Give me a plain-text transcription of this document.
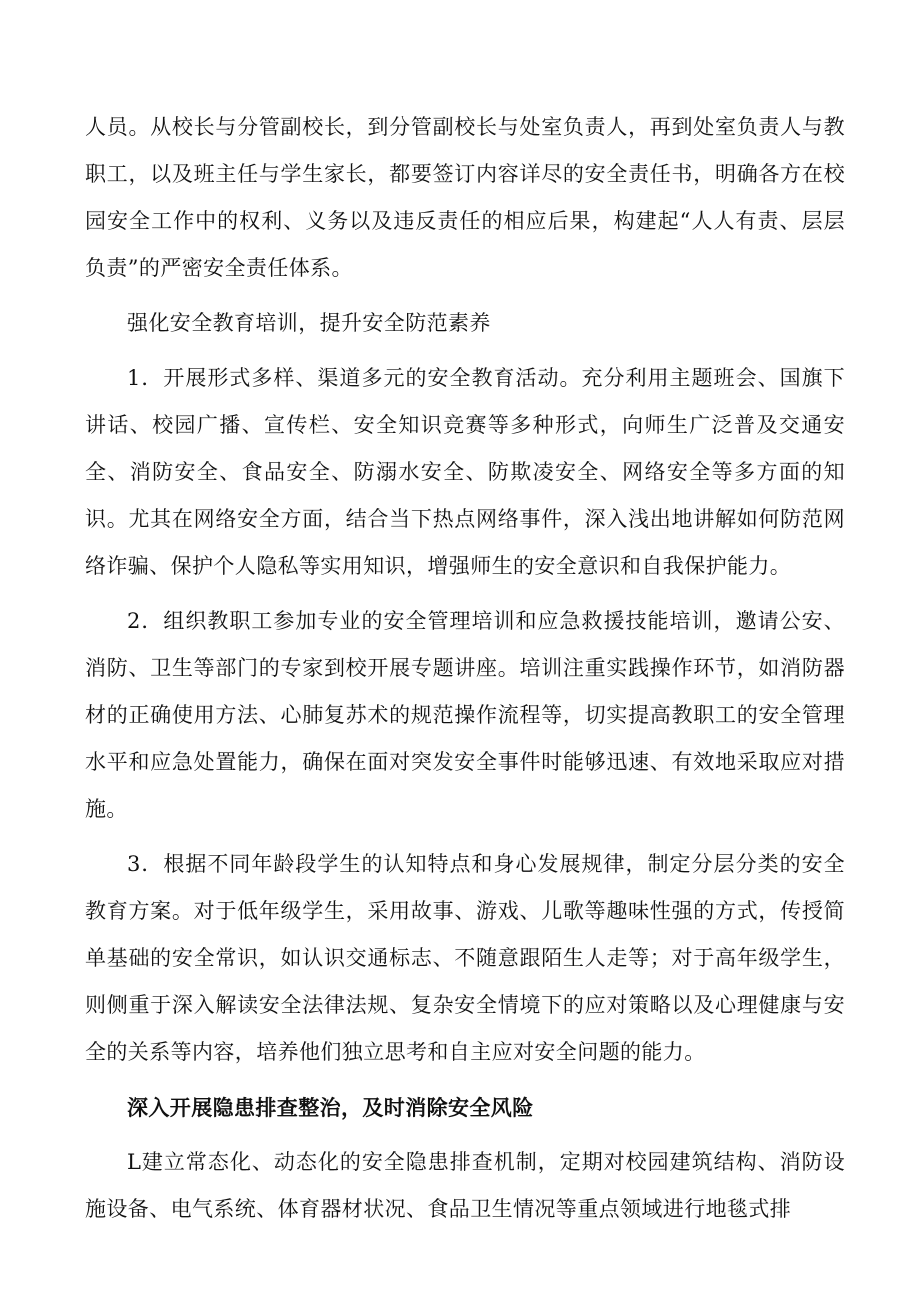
人员。从校长与分管副校长，到分管副校长与处室负责人，再到处室负责人与教职工，以及班主任与学生家长，都要签订内容详尽的安全责任书，明确各方在校园安全工作中的权利、义务以及违反责任的相应后果，构建起“人人有责、层层负责”的严密安全责任体系。

强化安全教育培训，提升安全防范素养

1．开展形式多样、渠道多元的安全教育活动。充分利用主题班会、国旗下讲话、校园广播、宣传栏、安全知识竞赛等多种形式，向师生广泛普及交通安全、消防安全、食品安全、防溺水安全、防欺凌安全、网络安全等多方面的知识。尤其在网络安全方面，结合当下热点网络事件，深入浅出地讲解如何防范网络诈骗、保护个人隐私等实用知识，增强师生的安全意识和自我保护能力。

2．组织教职工参加专业的安全管理培训和应急救援技能培训，邀请公安、消防、卫生等部门的专家到校开展专题讲座。培训注重实践操作环节，如消防器材的正确使用方法、心肺复苏术的规范操作流程等，切实提高教职工的安全管理水平和应急处置能力，确保在面对突发安全事件时能够迅速、有效地采取应对措施。

3．根据不同年龄段学生的认知特点和身心发展规律，制定分层分类的安全教育方案。对于低年级学生，采用故事、游戏、儿歌等趣味性强的方式，传授简单基础的安全常识，如认识交通标志、不随意跟陌生人走等；对于高年级学生，则侧重于深入解读安全法律法规、复杂安全情境下的应对策略以及心理健康与安全的关系等内容，培养他们独立思考和自主应对安全问题的能力。

深入开展隐患排查整治，及时消除安全风险

L建立常态化、动态化的安全隐患排查机制，定期对校园建筑结构、消防设施设备、电气系统、体育器材状况、食品卫生情况等重点领域进行地毯式排
